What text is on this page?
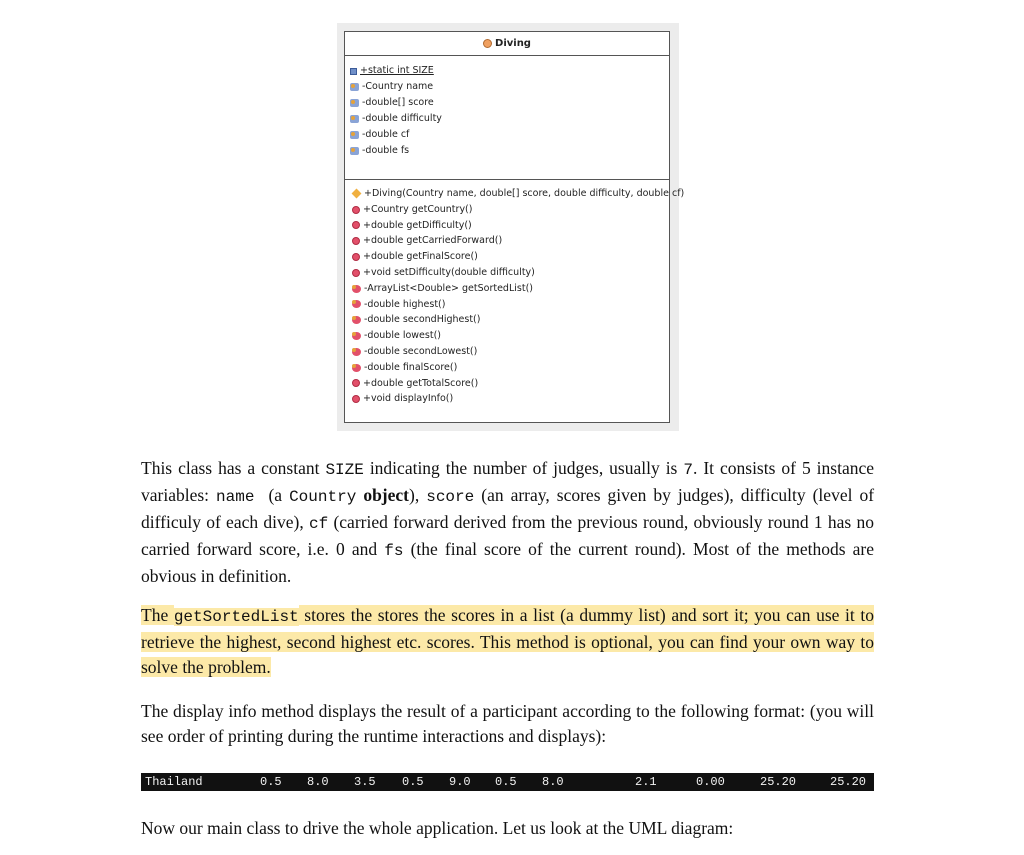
Diving
+static int SIZE
-Country name
-double[] score
-double difficulty
-double cf
-double fs
+Diving(Country name, double[] score, double difficulty, double cf)
+Country getCountry()
+double getDifficulty()
+double getCarriedForward()
+double getFinalScore()
+void setDifficulty(double difficulty)
-ArrayList<Double> getSortedList()
-double highest()
-double secondHighest()
-double lowest()
-double secondLowest()
-double finalScore()
+double getTotalScore()
+void displayInfo()

This class has a constant SIZE indicating the number of judges, usually is 7. It consists of 5 instance variables: name  (a Country object), score (an array, scores given by judges), difficulty (level of difficuly of each dive), cf (carried forward derived from the previous round, obviously round 1 has no carried forward score, i.e. 0 and fs (the final score of the current round). Most of the methods are obvious in definition.

The getSortedList stores the stores the scores in a list (a dummy list) and sort it; you can use it to retrieve the highest, second highest etc. scores. This method is optional, you can find your own way to solve the problem.

The display info method displays the result of a participant according to the following format: (you will see order of printing during the runtime interactions and displays):

Thailand	0.5 8.0 3.5 0.5 9.0 0.5 8.0	2.1	0.00	25.20	25.20

Now our main class to drive the whole application. Let us look at the UML diagram:
